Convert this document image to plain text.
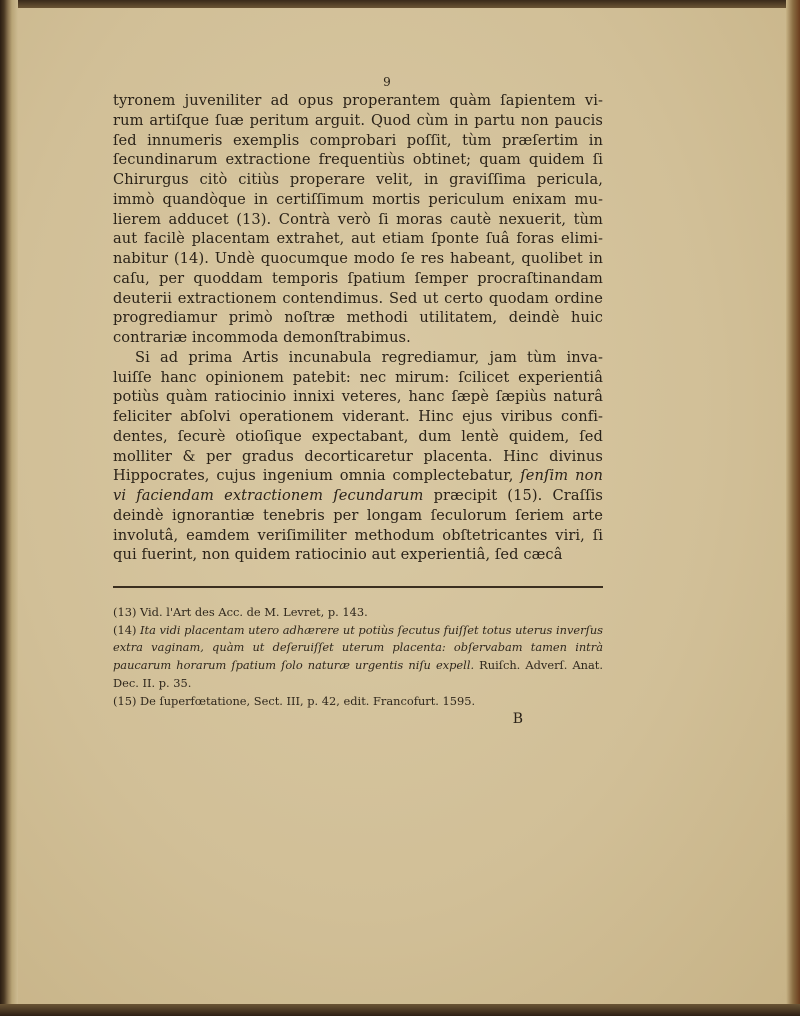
9

tyronem juveniliter ad opus properantem quàm ſapientem vi- rum artiſque ſuæ peritum arguit. Quod cùm in partu non paucis ſed innumeris exemplis comprobari poſſit, tùm præſertim in ſecundinarum extractione frequentiùs obtinet; quam quidem ſi Chirurgus citò citiùs properare velit, in graviſſima pericula, immò quandòque in certiſſimum mortis periculum enixam mu- lierem adducet (13). Contrà verò ſi moras cautè nexuerit, tùm aut facilè placentam extrahet, aut etiam ſponte ſuâ foras elimi- nabitur (14). Undè quocumque modo ſe res habeant, quolibet in caſu, per quoddam temporis ſpatium ſemper procraſtinandam deuterii extractionem contendimus. Sed ut certo quodam ordine progrediamur primò noſtræ methodi utilitatem, deindè huic contrariæ incommoda demonſtrabimus.

Si ad prima Artis incunabula regrediamur, jam tùm inva- luiſſe hanc opinionem patebit: nec mirum: ſcilicet experientiâ potiùs quàm ratiocinio innixi veteres, hanc ſæpè ſæpiùs naturâ feliciter abſolvi operationem viderant. Hinc ejus viribus confi- dentes, ſecurè otioſique expectabant, dum lentè quidem, ſed molliter & per gradus decorticaretur placenta. Hinc divinus Hippocrates, cujus ingenium omnia complectebatur, ſenſim non vi faciendam extractionem ſecundarum præcipit (15). Craſſis deindè ignorantiæ tenebris per longam ſeculorum ſeriem arte involutâ, eamdem veriſimiliter methodum obſtetricantes viri, ſi qui fuerint, non quidem ratiocinio aut experientiâ, ſed cæcâ

(13) Vid. l'Art des Acc. de M. Levret, p. 143.

(14) Ita vidi placentam utero adhærere ut potiùs ſecutus fuiſſet totus uterus inverſus extra vaginam, quàm ut deſeruiſſet uterum placenta: obſervabam tamen intrà paucarum horarum ſpatium ſolo naturæ urgentis niſu expell. Ruiſch. Adverſ. Anat. Dec. II. p. 35.

(15) De ſuperfœtatione, Sect. III, p. 42, edit. Francofurt. 1595.

B
